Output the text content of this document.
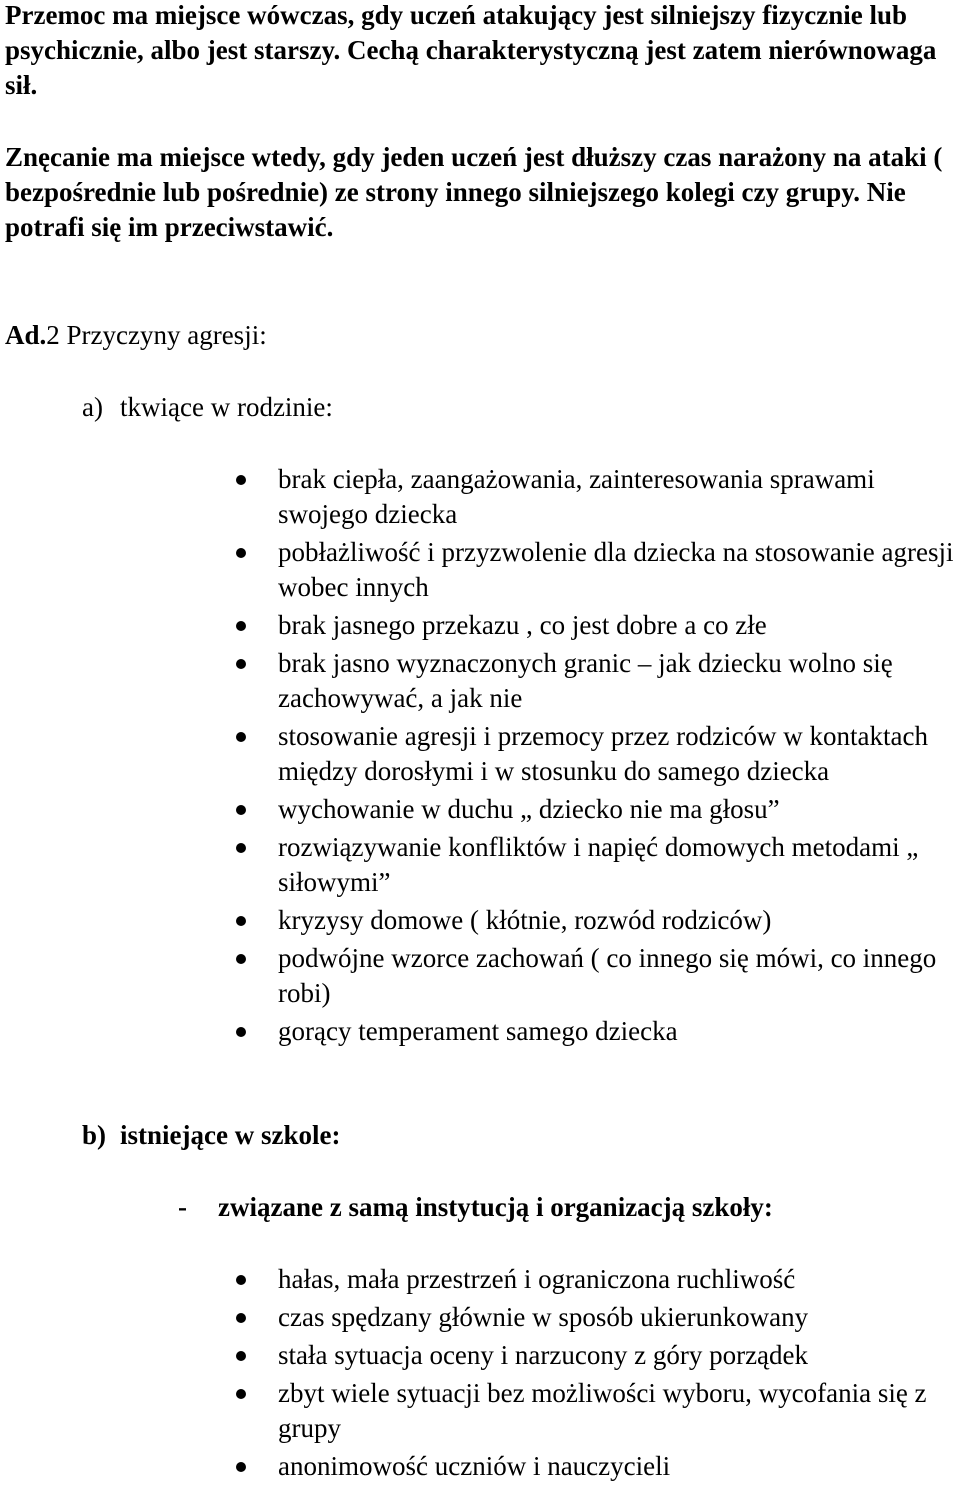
Przemoc ma miejsce wówczas, gdy uczeń atakujący jest silniejszy fizycznie lub psychicznie, albo jest starszy. Cechą charakterystyczną jest zatem nierównowaga sił.

Znęcanie ma miejsce wtedy, gdy jeden uczeń jest dłuższy czas narażony na ataki ( bezpośrednie lub pośrednie) ze strony innego silniejszego kolegi czy grupy. Nie potrafi się im przeciwstawić.

Ad.2 Przyczyny agresji:

a) tkwiące w rodzinie:

brak ciepła, zaangażowania, zainteresowania sprawami swojego dziecka
pobłażliwość i przyzwolenie dla dziecka na stosowanie agresji wobec innych
brak jasnego przekazu , co jest dobre a co złe
brak jasno wyznaczonych granic – jak dziecku wolno się zachowywać, a jak nie
stosowanie agresji i przemocy przez rodziców w kontaktach między dorosłymi i w stosunku do samego dziecka
wychowanie w duchu „ dziecko nie ma głosu”
rozwiązywanie konfliktów i napięć domowych metodami „ siłowymi”
kryzysy domowe ( kłótnie, rozwód rodziców)
podwójne wzorce zachowań ( co innego się mówi, co innego robi)
gorący temperament samego dziecka

b) istniejące w szkole:

- związane z samą instytucją i organizacją szkoły:

hałas, mała przestrzeń i ograniczona ruchliwość
czas spędzany głównie w sposób ukierunkowany
stała sytuacja oceny i narzucony z góry porządek
zbyt wiele sytuacji bez możliwości wyboru, wycofania się z grupy
anonimowość uczniów i nauczycieli
